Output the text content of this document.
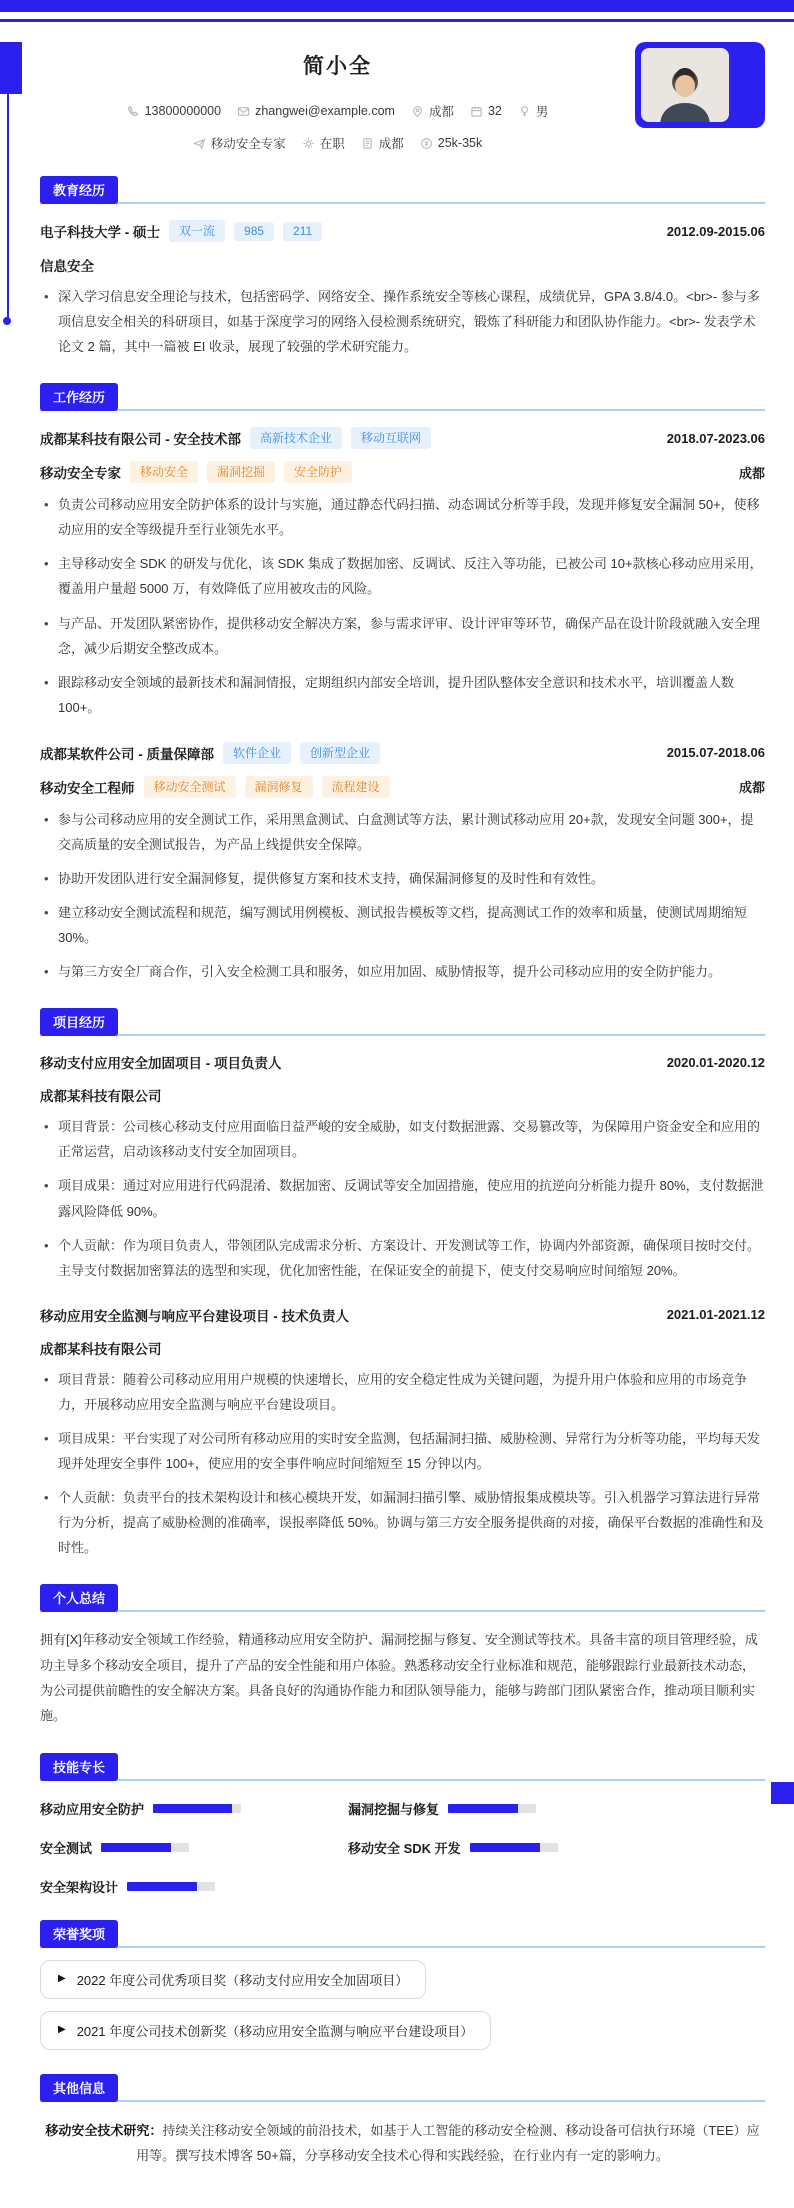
简小全
13800000000	zhangwei@example.com	成都	32	男
移动安全专家	在职	成都	25k-35k
教育经历
电子科技大学 - 硕士	双一流	985	211	2012.09-2015.06
信息安全
• 深入学习信息安全理论与技术，包括密码学、网络安全、操作系统安全等核心课程，成绩优异，GPA 3.8/4.0。<br>- 参与多项信息安全相关的科研项目，如基于深度学习的网络入侵检测系统研究，锻炼了科研能力和团队协作能力。<br>- 发表学术论文 2 篇，其中一篇被 EI 收录，展现了较强的学术研究能力。
工作经历
成都某科技有限公司 - 安全技术部	高新技术企业	移动互联网	2018.07-2023.06
移动安全专家	移动安全	漏洞挖掘	安全防护	成都
• 负责公司移动应用安全防护体系的设计与实施，通过静态代码扫描、动态调试分析等手段，发现并修复安全漏洞 50+，使移动应用的安全等级提升至行业领先水平。
• 主导移动安全 SDK 的研发与优化，该 SDK 集成了数据加密、反调试、反注入等功能，已被公司 10+款核心移动应用采用，覆盖用户量超 5000 万，有效降低了应用被攻击的风险。
• 与产品、开发团队紧密协作，提供移动安全解决方案，参与需求评审、设计评审等环节，确保产品在设计阶段就融入安全理念，减少后期安全整改成本。
• 跟踪移动安全领域的最新技术和漏洞情报，定期组织内部安全培训，提升团队整体安全意识和技术水平，培训覆盖人数 100+。
成都某软件公司 - 质量保障部	软件企业	创新型企业	2015.07-2018.06
移动安全工程师	移动安全测试	漏洞修复	流程建设	成都
• 参与公司移动应用的安全测试工作，采用黑盒测试、白盒测试等方法，累计测试移动应用 20+款，发现安全问题 300+，提交高质量的安全测试报告，为产品上线提供安全保障。
• 协助开发团队进行安全漏洞修复，提供修复方案和技术支持，确保漏洞修复的及时性和有效性。
• 建立移动安全测试流程和规范，编写测试用例模板、测试报告模板等文档，提高测试工作的效率和质量，使测试周期缩短 30%。
• 与第三方安全厂商合作，引入安全检测工具和服务，如应用加固、威胁情报等，提升公司移动应用的安全防护能力。
项目经历
移动支付应用安全加固项目 - 项目负责人	2020.01-2020.12
成都某科技有限公司
• 项目背景：公司核心移动支付应用面临日益严峻的安全威胁，如支付数据泄露、交易篡改等，为保障用户资金安全和应用的正常运营，启动该移动支付安全加固项目。
• 项目成果：通过对应用进行代码混淆、数据加密、反调试等安全加固措施，使应用的抗逆向分析能力提升 80%，支付数据泄露风险降低 90%。
• 个人贡献：作为项目负责人，带领团队完成需求分析、方案设计、开发测试等工作，协调内外部资源，确保项目按时交付。主导支付数据加密算法的选型和实现，优化加密性能，在保证安全的前提下，使支付交易响应时间缩短 20%。
移动应用安全监测与响应平台建设项目 - 技术负责人	2021.01-2021.12
成都某科技有限公司
• 项目背景：随着公司移动应用用户规模的快速增长，应用的安全稳定性成为关键问题，为提升用户体验和应用的市场竞争力，开展移动应用安全监测与响应平台建设项目。
• 项目成果：平台实现了对公司所有移动应用的实时安全监测，包括漏洞扫描、威胁检测、异常行为分析等功能，平均每天发现并处理安全事件 100+，使应用的安全事件响应时间缩短至 15 分钟以内。
• 个人贡献：负责平台的技术架构设计和核心模块开发，如漏洞扫描引擎、威胁情报集成模块等。引入机器学习算法进行异常行为分析，提高了威胁检测的准确率，误报率降低 50%。协调与第三方安全服务提供商的对接，确保平台数据的准确性和及时性。
个人总结
拥有[X]年移动安全领域工作经验，精通移动应用安全防护、漏洞挖掘与修复、安全测试等技术。具备丰富的项目管理经验，成功主导多个移动安全项目，提升了产品的安全性能和用户体验。熟悉移动安全行业标准和规范，能够跟踪行业最新技术动态，为公司提供前瞻性的安全解决方案。具备良好的沟通协作能力和团队领导能力，能够与跨部门团队紧密合作，推动项目顺利实施。
技能专长
移动应用安全防护	漏洞挖掘与修复
安全测试	移动安全 SDK 开发
安全架构设计
荣誉奖项
▶ 2022 年度公司优秀项目奖（移动支付应用安全加固项目）
▶ 2021 年度公司技术创新奖（移动应用安全监测与响应平台建设项目）
其他信息

移动安全技术研究：持续关注移动安全领域的前沿技术，如基于人工智能的移动安全检测、移动设备可信执行环境（TEE）应用等。撰写技术博客 50+篇，分享移动安全技术心得和实践经验，在行业内有一定的影响力。
